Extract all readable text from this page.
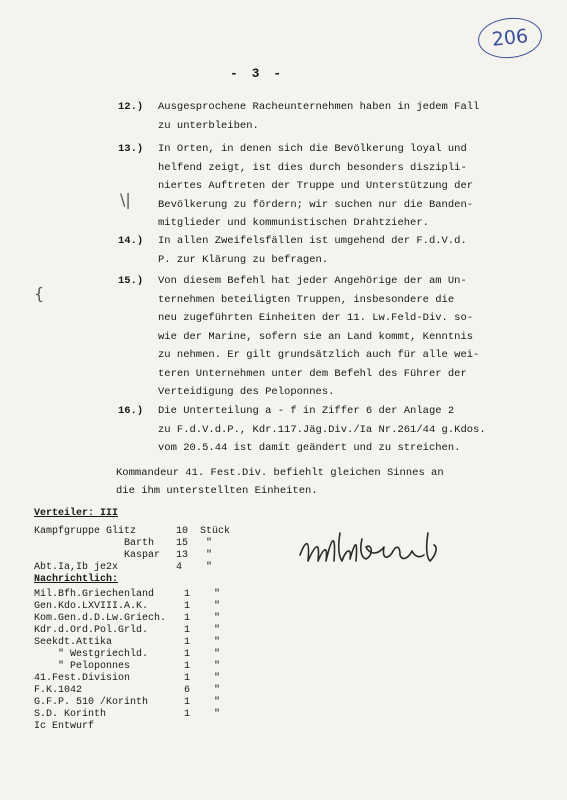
206
- 3 -
12.) Ausgesprochene Racheunternehmen haben in jedem Fall
zu unterbleiben.
13.) In Orten, in denen sich die Bevölkerung loyal und
helfend zeigt, ist dies durch besonders diszipli-
niertes Auftreten der Truppe und Unterstützung der
Bevölkerung zu fördern; wir suchen nur die Banden-
mitglieder und kommunistischen Drahtzieher.
14.) In allen Zweifelsfällen ist umgehend der F.d.V.d.
P. zur Klärung zu befragen.
15.) Von diesem Befehl hat jeder Angehörige der am Un-
ternehmen beteiligten Truppen, insbesondere die
neu zugeführten Einheiten der 11. Lw.Feld-Div. so-
wie der Marine, sofern sie an Land kommt, Kenntnis
zu nehmen. Er gilt grundsätzlich auch für alle wei-
teren Unternehmen unter dem Befehl des Führer der
Verteidigung des Peloponnes.
16.) Die Unterteilung a - f in Ziffer 6 der Anlage 2
zu F.d.V.d.P., Kdr.117.Jäg.Div./Ia Nr.261/44 g.Kdos.
vom 20.5.44 ist damit geändert und zu streichen.
\|
{
Kommandeur 41. Fest.Div. befiehlt gleichen Sinnes an
die ihm unterstellten Einheiten.
Verteiler: III
Kampfgruppe Glitz	10 Stück
Barth 15 "
Kaspar 13 "
Abt.Ia,Ib je2x	4 "
Nachrichtlich:
Mil.Bfh.Griechenland	1 "
Gen.Kdo.LXVIII.A.K.	1 "
Kom.Gen.d.D.Lw.Griech. 1 "
Kdr.d.Ord.Pol.Grld.	1 "
Seekdt.Attika	1 "
" Westgriechld.	1 "
" Peloponnes	1 "
41.Fest.Division	1 "
F.K.1042	6 "
G.F.P. 510 /Korinth	1 "
S.D. Korinth	1 "
Ic Entwurf
